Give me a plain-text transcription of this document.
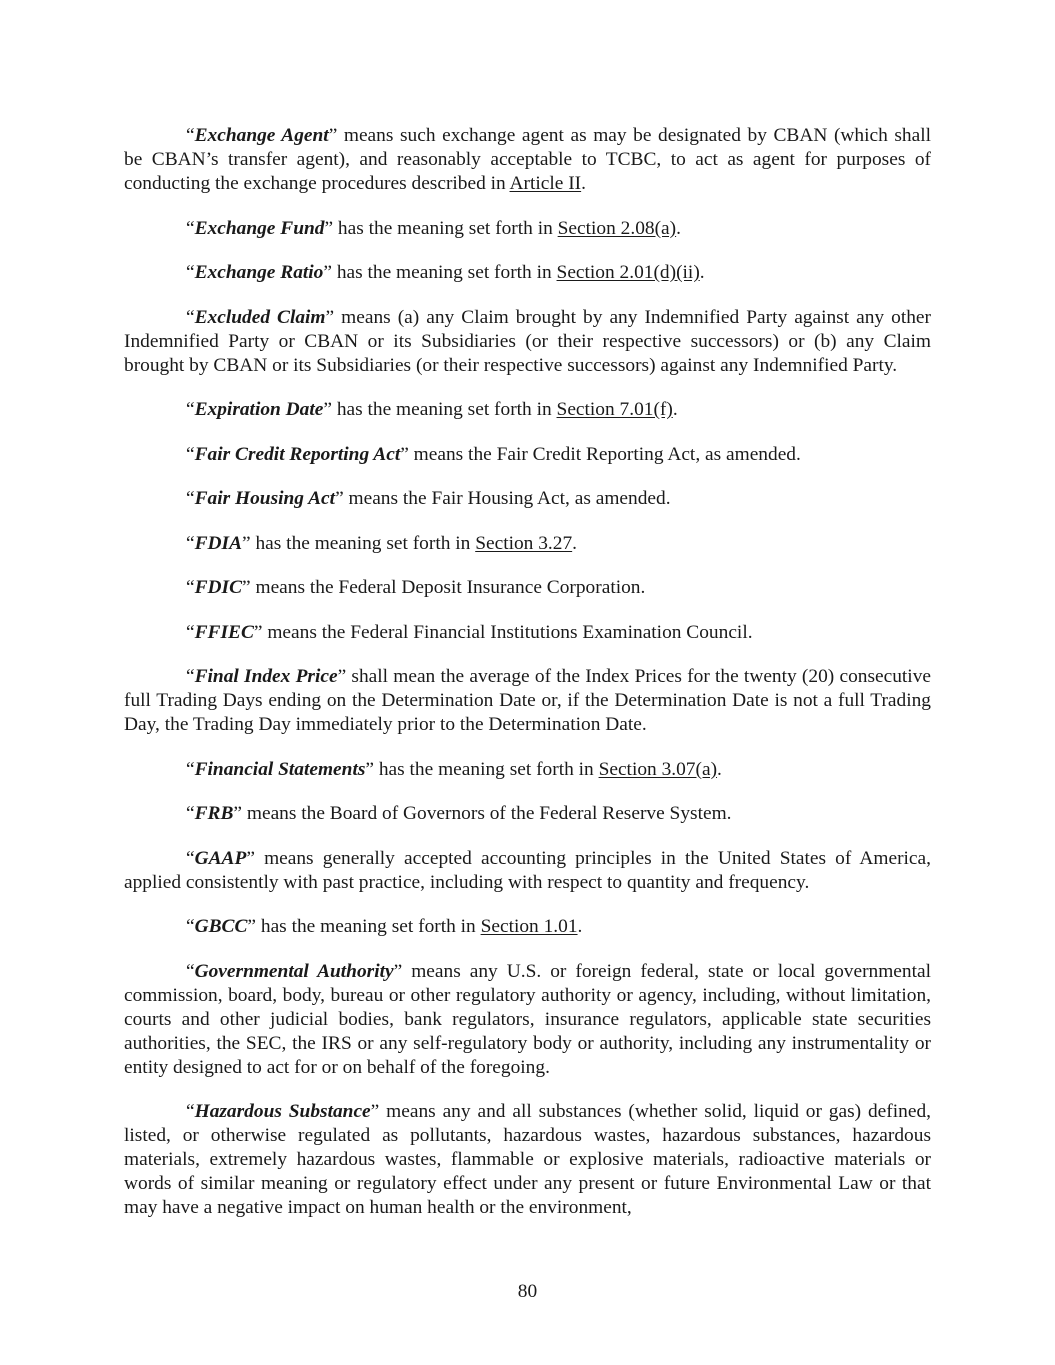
“Exchange Agent” means such exchange agent as may be designated by CBAN (which shall be CBAN’s transfer agent), and reasonably acceptable to TCBC, to act as agent for purposes of conducting the exchange procedures described in Article II.

“Exchange Fund” has the meaning set forth in Section 2.08(a).

“Exchange Ratio” has the meaning set forth in Section 2.01(d)(ii).

“Excluded Claim” means (a) any Claim brought by any Indemnified Party against any other Indemnified Party or CBAN or its Subsidiaries (or their respective successors) or (b) any Claim brought by CBAN or its Subsidiaries (or their respective successors) against any Indemnified Party.

“Expiration Date” has the meaning set forth in Section 7.01(f).

“Fair Credit Reporting Act” means the Fair Credit Reporting Act, as amended.

“Fair Housing Act” means the Fair Housing Act, as amended.

“FDIA” has the meaning set forth in Section 3.27.

“FDIC” means the Federal Deposit Insurance Corporation.

“FFIEC” means the Federal Financial Institutions Examination Council.

“Final Index Price” shall mean the average of the Index Prices for the twenty (20) consecutive full Trading Days ending on the Determination Date or, if the Determination Date is not a full Trading Day, the Trading Day immediately prior to the Determination Date.

“Financial Statements” has the meaning set forth in Section 3.07(a).

“FRB” means the Board of Governors of the Federal Reserve System.

“GAAP” means generally accepted accounting principles in the United States of America, applied consistently with past practice, including with respect to quantity and frequency.

“GBCC” has the meaning set forth in Section 1.01.

“Governmental Authority” means any U.S. or foreign federal, state or local governmental commission, board, body, bureau or other regulatory authority or agency, including, without limitation, courts and other judicial bodies, bank regulators, insurance regulators, applicable state securities authorities, the SEC, the IRS or any self-regulatory body or authority, including any instrumentality or entity designed to act for or on behalf of the foregoing.

“Hazardous Substance” means any and all substances (whether solid, liquid or gas) defined, listed, or otherwise regulated as pollutants, hazardous wastes, hazardous substances, hazardous materials, extremely hazardous wastes, flammable or explosive materials, radioactive materials or words of similar meaning or regulatory effect under any present or future Environmental Law or that may have a negative impact on human health or the environment,

80
